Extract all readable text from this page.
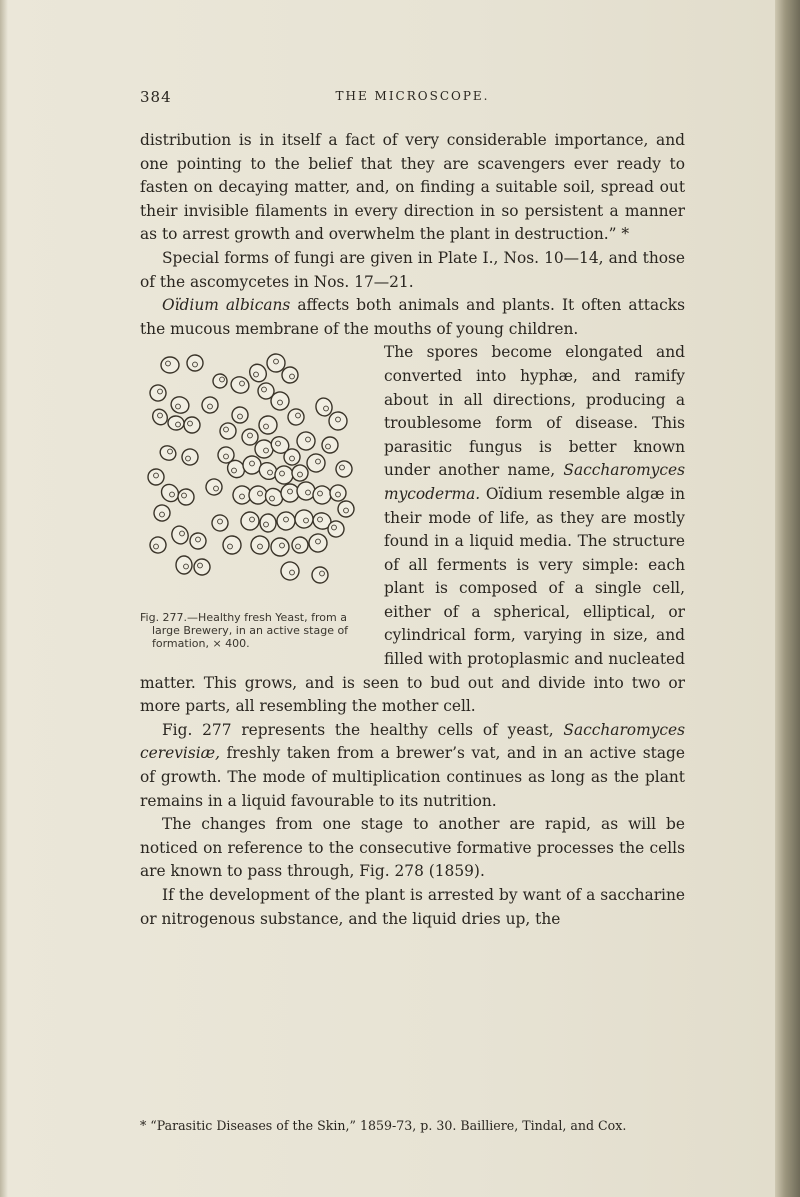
384	THE MICROSCOPE.

distribution is in itself a fact of very considerable importance, and one pointing to the belief that they are scavengers ever ready to fasten on decaying matter, and, on finding a suitable soil, spread out their invisible filaments in every direction in so persistent a manner as to arrest growth and overwhelm the plant in destruction.” *

Special forms of fungi are given in Plate I., Nos. 10—14, and those of the ascomycetes in Nos. 17—21.

Oïdium albicans affects both animals and plants. It often attacks the mucous membrane of the mouths of young children.

Fig. 277.—Healthy fresh Yeast, from a large Brewery, in an active stage of formation, × 400.

The spores become elongated and converted into hyphæ, and ramify about in all directions, producing a troublesome form of disease. This parasitic fungus is better known under another name, Saccharomyces mycoderma. Oïdium resemble algæ in their mode of life, as they are mostly found in a liquid media. The structure of all ferments is very simple: each plant is composed of a single cell, either of a spherical, elliptical, or cylindrical form, varying in size, and filled with protoplasmic and nucleated matter. This grows, and is seen to bud out and divide into two or more parts, all resembling the mother cell.

Fig. 277 represents the healthy cells of yeast, Saccharomyces cerevisiæ, freshly taken from a brewer’s vat, and in an active stage of growth. The mode of multiplication continues as long as the plant remains in a liquid favourable to its nutrition.

The changes from one stage to another are rapid, as will be noticed on reference to the consecutive formative processes the cells are known to pass through, Fig. 278 (1859).

If the development of the plant is arrested by want of a saccharine or nitrogenous substance, and the liquid dries up, the

* “Parasitic Diseases of the Skin,” 1859-73, p. 30. Bailliere, Tindal, and Cox.
